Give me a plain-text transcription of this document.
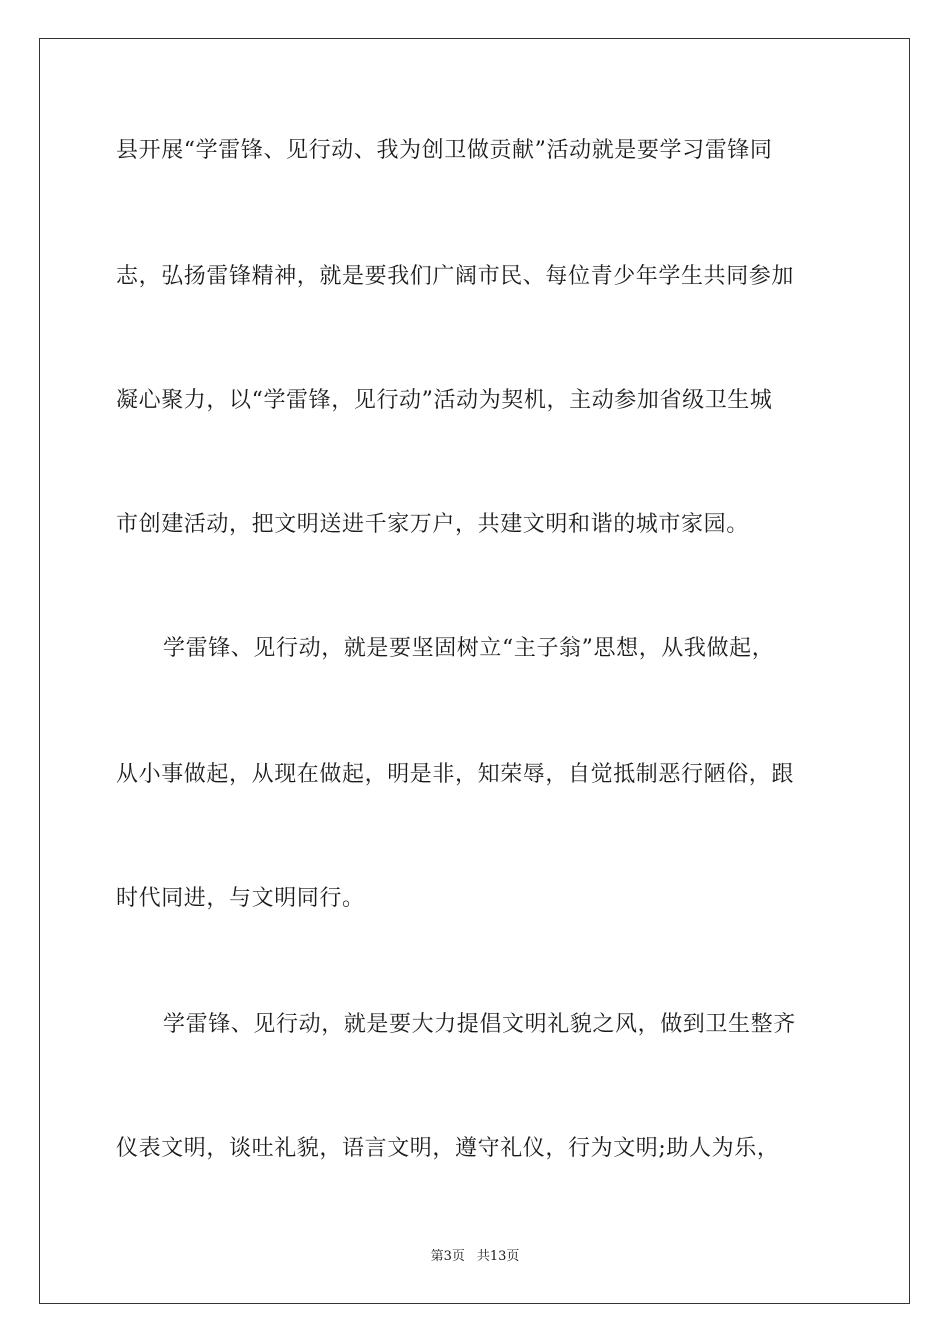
县开展“学雷锋、见行动、我为创卫做贡献”活动就是要学习雷锋同
志，弘扬雷锋精神，就是要我们广阔市民、每位青少年学生共同参加
凝心聚力，以“学雷锋，见行动”活动为契机，主动参加省级卫生城
市创建活动，把文明送进千家万户，共建文明和谐的城市家园。
学雷锋、见行动，就是要坚固树立“主子翁”思想，从我做起，
从小事做起，从现在做起，明是非，知荣辱，自觉抵制恶行陋俗，跟
时代同进，与文明同行。
学雷锋、见行动，就是要大力提倡文明礼貌之风，做到卫生整齐
仪表文明，谈吐礼貌，语言文明，遵守礼仪，行为文明;助人为乐，
第3页 共13页
